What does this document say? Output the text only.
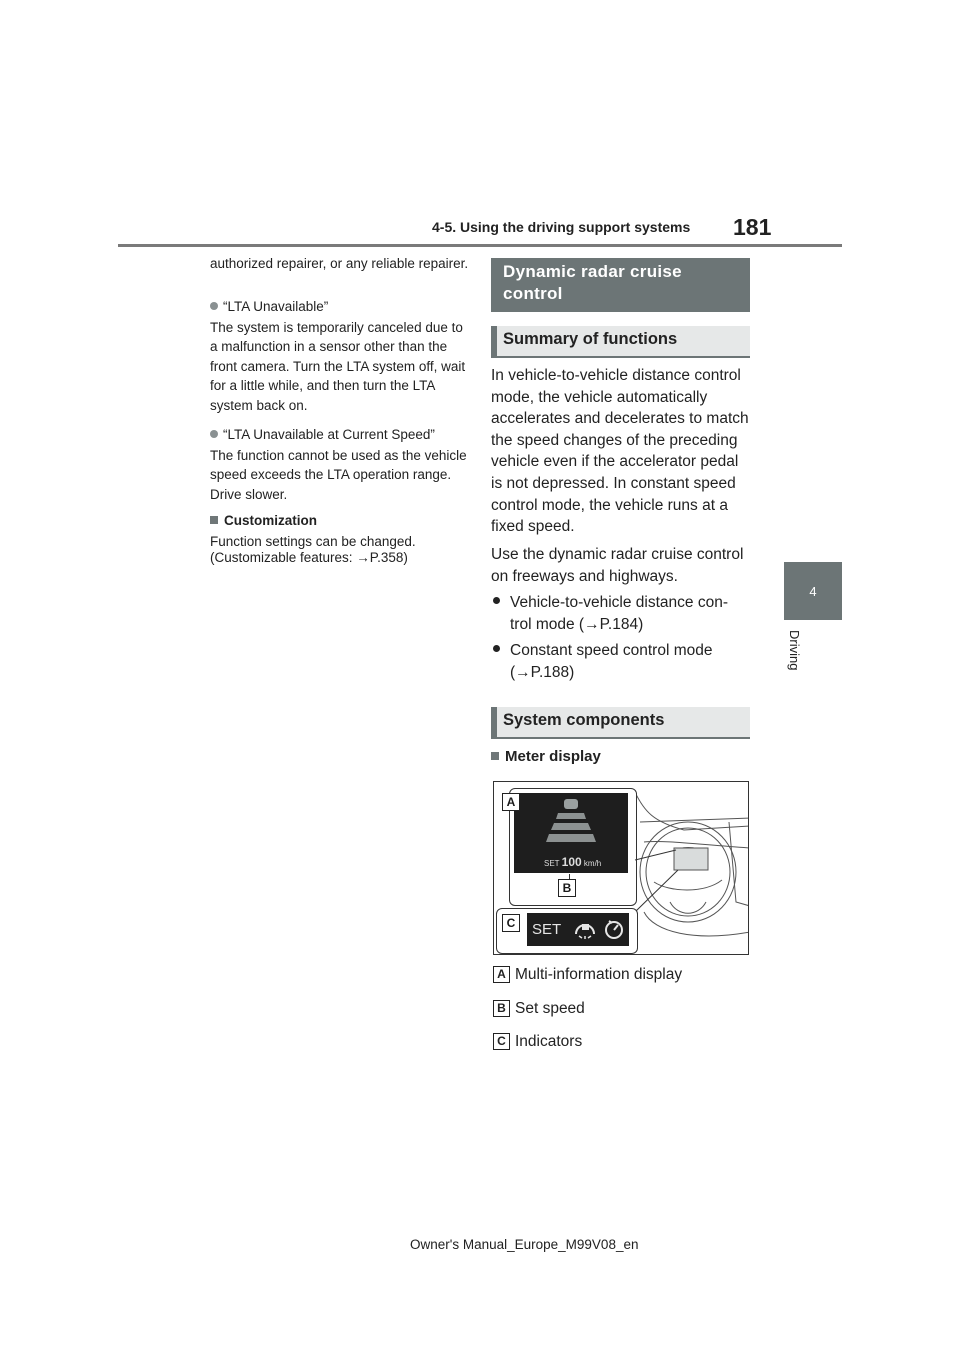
4-5. Using the driving support systems 181
4
Driving

authorized repairer, or any reliable repairer.

“LTA Unavailable”

The system is temporarily canceled due to a malfunction in a sensor other than the front camera. Turn the LTA system off, wait for a little while, and then turn the LTA system back on.

“LTA Unavailable at Current Speed”

The function cannot be used as the vehicle speed exceeds the LTA operation range. Drive slower.

Customization

Function settings can be changed.

(Customizable features: →P.358)

Dynamic radar cruise
control
Summary of functions
In vehicle-to-vehicle distance control mode, the vehicle automatically accelerates and decelerates to match the speed changes of the preceding vehicle even if the accelerator pedal is not depressed. In constant speed control mode, the vehicle runs at a fixed speed.
Use the dynamic radar cruise control on freeways and highways.

Vehicle-to-vehicle distance con-

trol mode (→P.184)

Constant speed control mode

(→P.188)

System components
Meter display
SET 100 km/h
A
B
C	SET
A Multi-information display
B Set speed
C Indicators
Owner's Manual_Europe_M99V08_en
